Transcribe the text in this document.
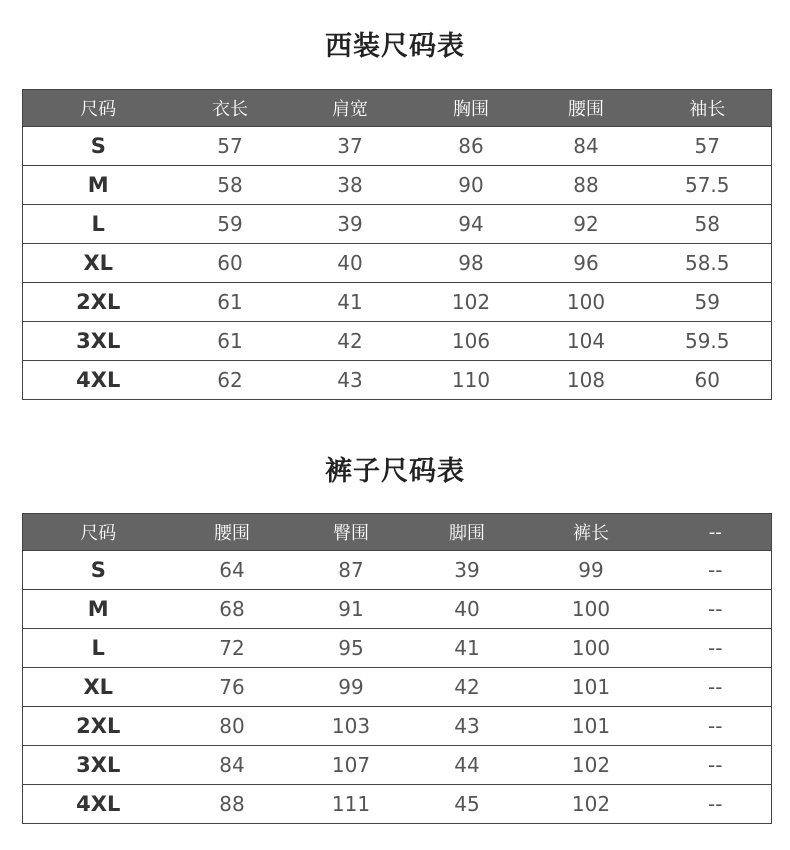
西装尺码表
尺码	衣长	肩宽	胸围	腰围	袖长
S	57	37	86	84	57
M	58	38	90	88	57.5
L	59	39	94	92	58
XL	60	40	98	96	58.5
2XL	61	41	102	100	59
3XL	61	42	106	104	59.5
4XL	62	43	110	108	60
裤子尺码表
尺码	腰围	臀围	脚围	裤长	--
S	64	87	39	99	--
M	68	91	40	100	--
L	72	95	41	100	--
XL	76	99	42	101	--
2XL	80	103	43	101	--
3XL	84	107	44	102	--
4XL	88	111	45	102	--
